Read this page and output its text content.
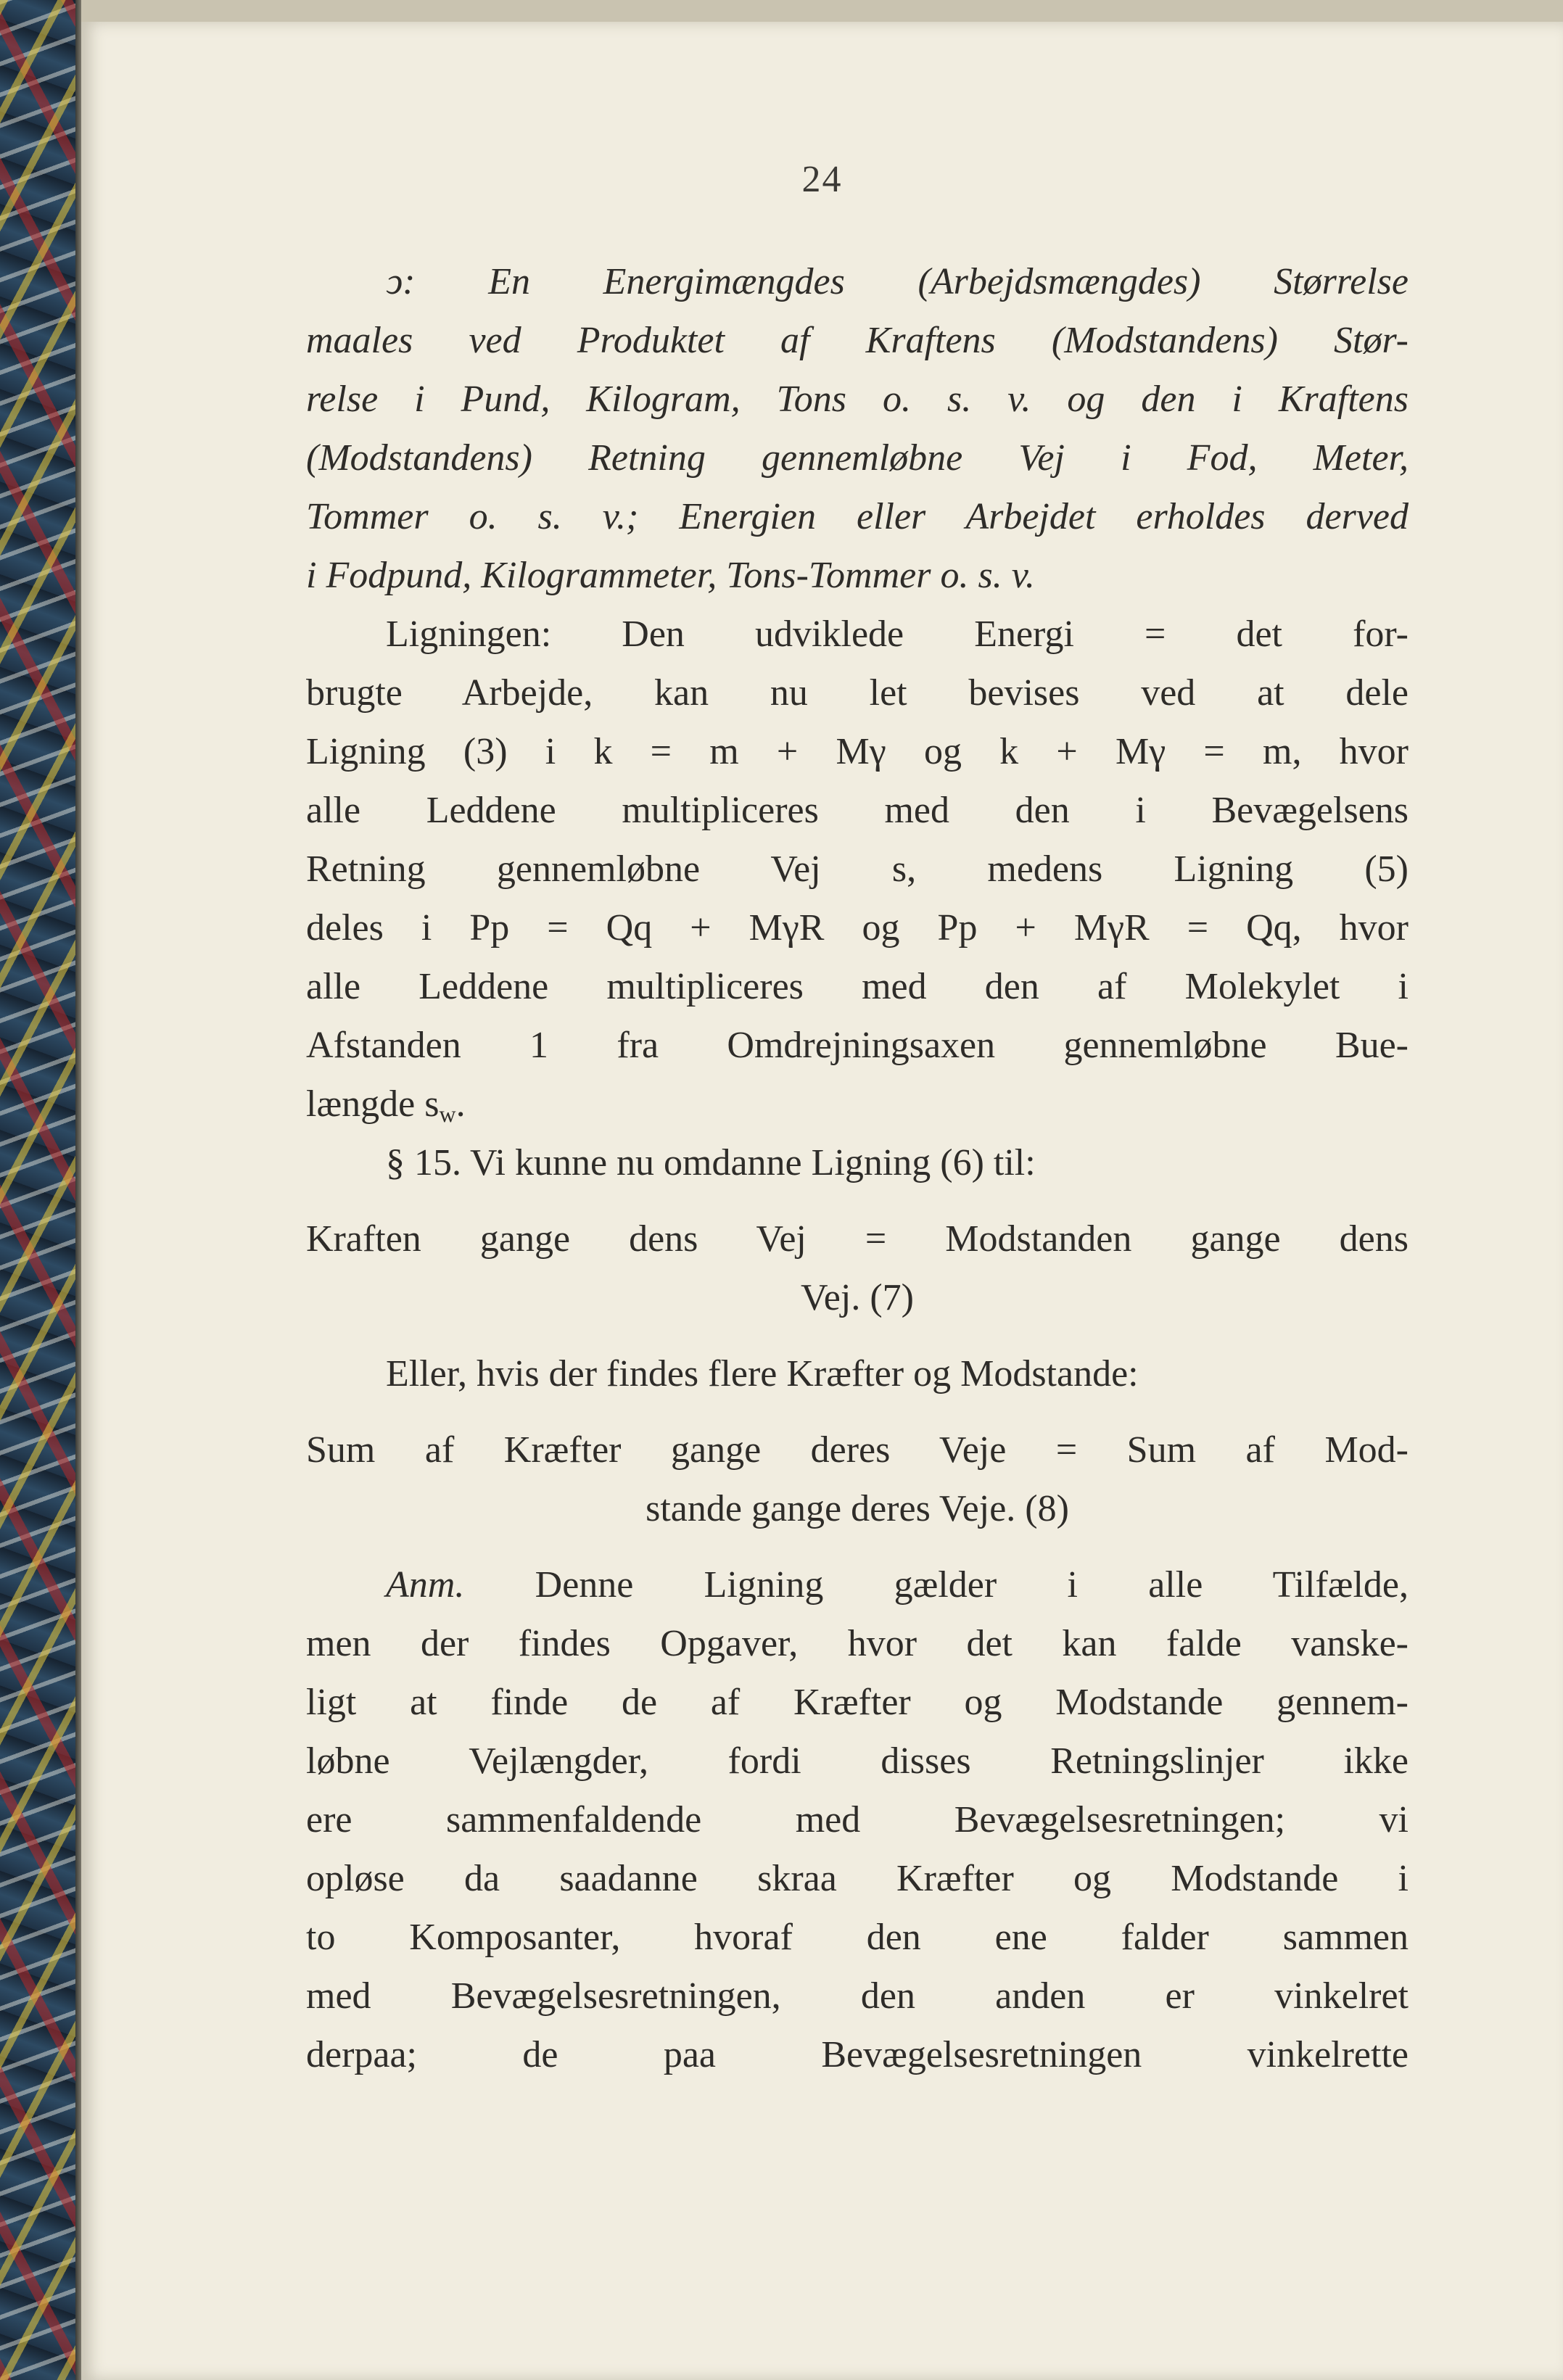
24
ↄ: En Energimængdes (Arbejdsmængdes) Størrelse
maales ved Produktet af Kraftens (Modstandens) Stør-
relse i Pund, Kilogram, Tons o. s. v. og den i Kraftens
(Modstandens) Retning gennemløbne Vej i Fod, Meter,
Tommer o. s. v.; Energien eller Arbejdet erholdes derved
i Fodpund, Kilogrammeter, Tons-Tommer o. s. v.
Ligningen: Den udviklede Energi = det for-
brugte Arbejde, kan nu let bevises ved at dele
Ligning (3) i k = m + Mγ og k + Mγ = m, hvor
alle Leddene multipliceres med den i Bevægelsens
Retning gennemløbne Vej s, medens Ligning (5)
deles i Pp = Qq + MγR og Pp + MγR = Qq, hvor
alle Leddene multipliceres med den af Molekylet i
Afstanden 1 fra Omdrejningsaxen gennemløbne Bue-
længde $s_w$.
§ 15. Vi kunne nu omdanne Ligning (6) til:
Kraften gange dens Vej = Modstanden gange dens
Vej. (7)
Eller, hvis der findes flere Kræfter og Modstande:
Sum af Kræfter gange deres Veje = Sum af Mod-
stande gange deres Veje. (8)
Anm. Denne Ligning gælder i alle Tilfælde,
men der findes Opgaver, hvor det kan falde vanske-
ligt at finde de af Kræfter og Modstande gennem-
løbne Vejlængder, fordi disses Retningslinjer ikke
ere sammenfaldende med Bevægelsesretningen; vi
opløse da saadanne skraa Kræfter og Modstande i
to Komposanter, hvoraf den ene falder sammen
med Bevægelsesretningen, den anden er vinkelret
derpaa; de paa Bevægelsesretningen vinkelrette
